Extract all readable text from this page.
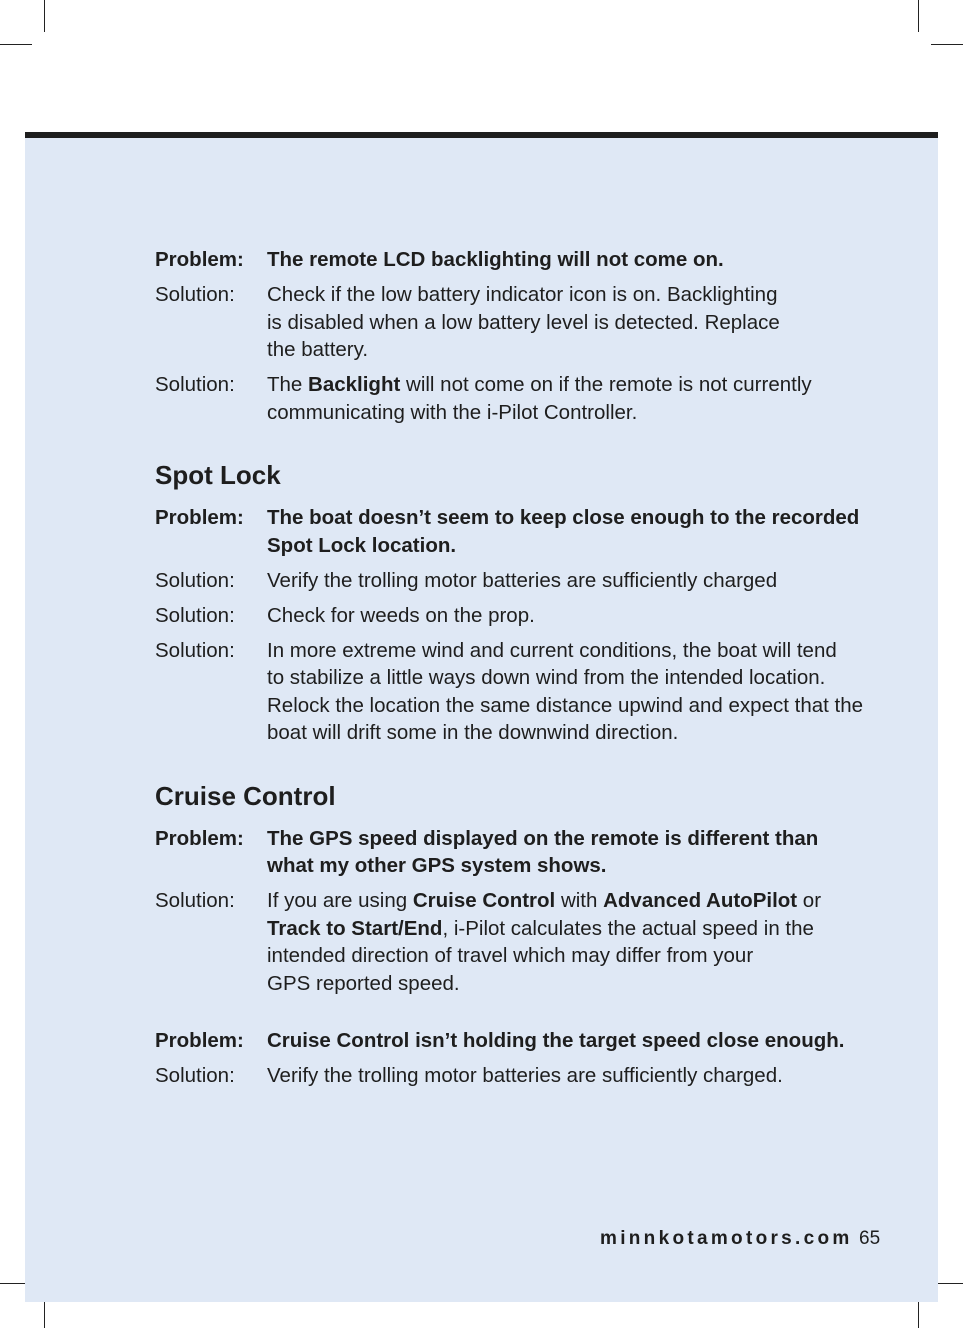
Problem:	The remote LCD backlighting will not come on.
Solution:	Check if the low battery indicator icon is on. Backlighting
is disabled when a low battery level is detected. Replace
the battery.
Solution:	The Backlight will not come on if the remote is not currently
communicating with the i-Pilot Controller.
Spot Lock
Problem:	The boat doesn’t seem to keep close enough to the recorded
Spot Lock location.
Solution:	Verify the trolling motor batteries are sufficiently charged
Solution:	Check for weeds on the prop.
Solution:	In more extreme wind and current conditions, the boat will tend
to stabilize a little ways down wind from the intended location.
Relock the location the same distance upwind and expect that the
boat will drift some in the downwind direction.
Cruise Control
Problem:	The GPS speed displayed on the remote is different than
what my other GPS system shows.
Solution:	If you are using Cruise Control with Advanced AutoPilot or
Track to Start/End, i-Pilot calculates the actual speed in the
intended direction of travel which may differ from your
GPS reported speed.
Problem:	Cruise Control isn’t holding the target speed close enough.
Solution:	Verify the trolling motor batteries are sufficiently charged.
minnkotamotors.com 65
